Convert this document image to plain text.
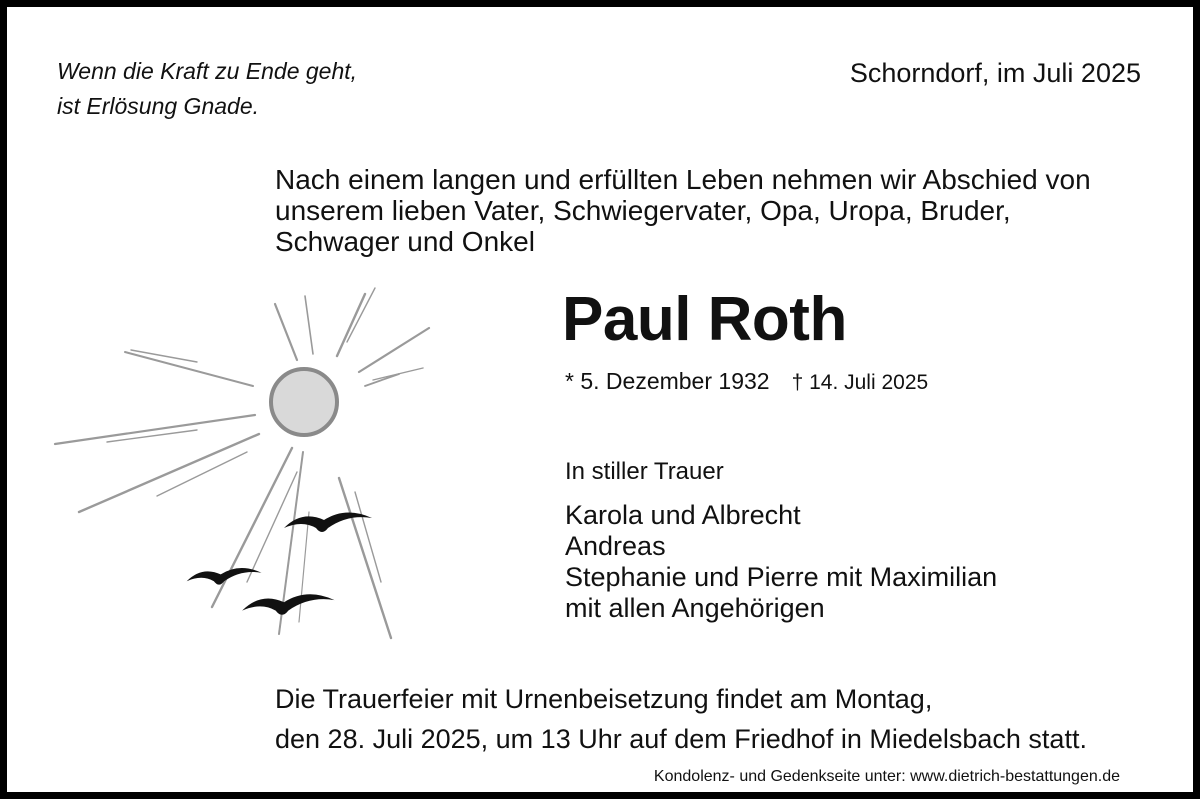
Wenn die Kraft zu Ende geht,
ist Erlösung Gnade.
Schorndorf, im Juli 2025
Nach einem langen und erfüllten Leben nehmen wir Abschied von
unserem lieben Vater, Schwiegervater, Opa, Uropa, Bruder,
Schwager und Onkel
Paul Roth
* 5. Dezember 1932 † 14. Juli 2025
In stiller Trauer
Karola und Albrecht
Andreas
Stephanie und Pierre mit Maximilian
mit allen Angehörigen
Die Trauerfeier mit Urnenbeisetzung findet am Montag,
den 28. Juli 2025, um 13 Uhr auf dem Friedhof in Miedelsbach statt.
Kondolenz- und Gedenkseite unter: www.dietrich-bestattungen.de
